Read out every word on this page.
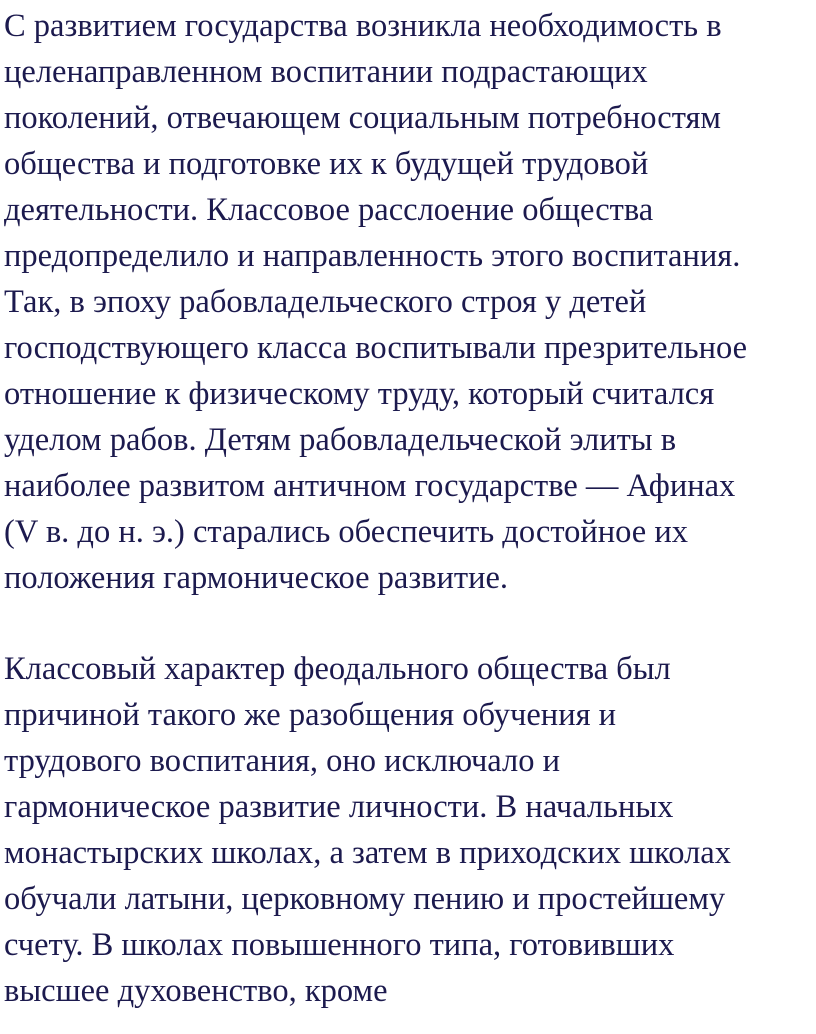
С развитием государства возникла необходимость в
целенаправленном воспитании подрастающих
поколений, отвечающем социальным потребностям
общества и подготовке их к будущей трудовой
деятельности. Классовое расслоение общества
предопределило и направленность этого воспитания.
Так, в эпоху рабовладельческого строя у детей
господствующего класса воспитывали презрительное
отношение к физическому труду, который считался
уделом рабов. Детям рабовладельческой элиты в
наиболее развитом античном государстве — Афинах
(V в. до н. э.) старались обеспечить достойное их
положения гармоническое развитие.
Классовый характер феодального общества был
причиной такого же разобщения обучения и
трудового воспитания, оно исключало и
гармоническое развитие личности. В начальных
монастырских школах, а затем в приходских школах
обучали латыни, церковному пению и простейшему
счету. В школах повышенного типа, готовивших
высшее духовенство, кроме
